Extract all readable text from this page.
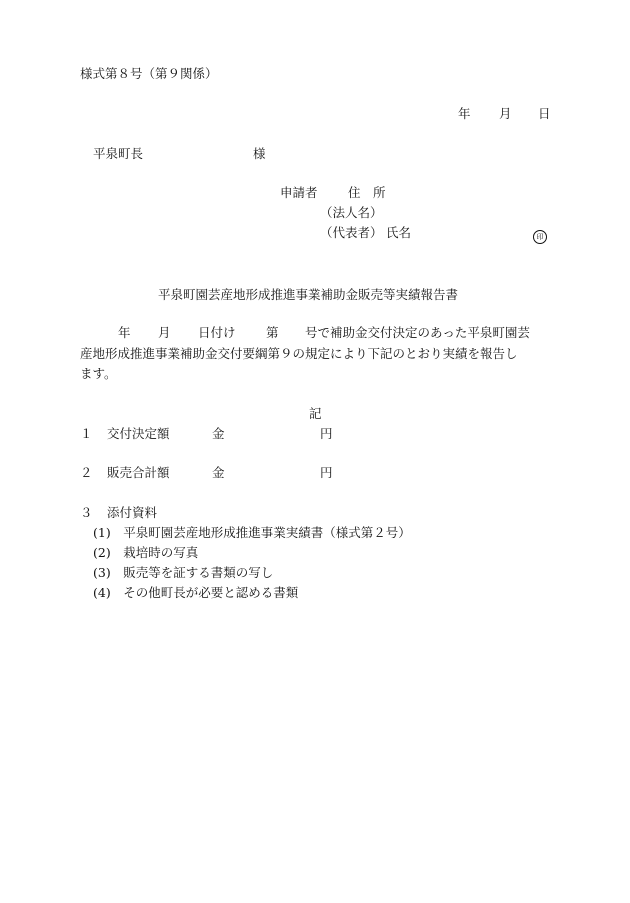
様式第８号（第９関係）
年 月 日
平泉町長	様
申請者 住　所
（法人名）
（代表者） 氏名	印
平泉町園芸産地形成推進事業補助金販売等実績報告書
年 月 日付け 第 号で補助金交付決定のあった平泉町園芸
産地形成推進事業補助金交付要綱第９の規定により下記のとおり実績を報告し
ます。
記
１ 交付決定額	金	円
２ 販売合計額	金	円
３ 添付資料
(1)　平泉町園芸産地形成推進事業実績書（様式第２号）
(2)　栽培時の写真
(3)　販売等を証する書類の写し
(4)　その他町長が必要と認める書類
